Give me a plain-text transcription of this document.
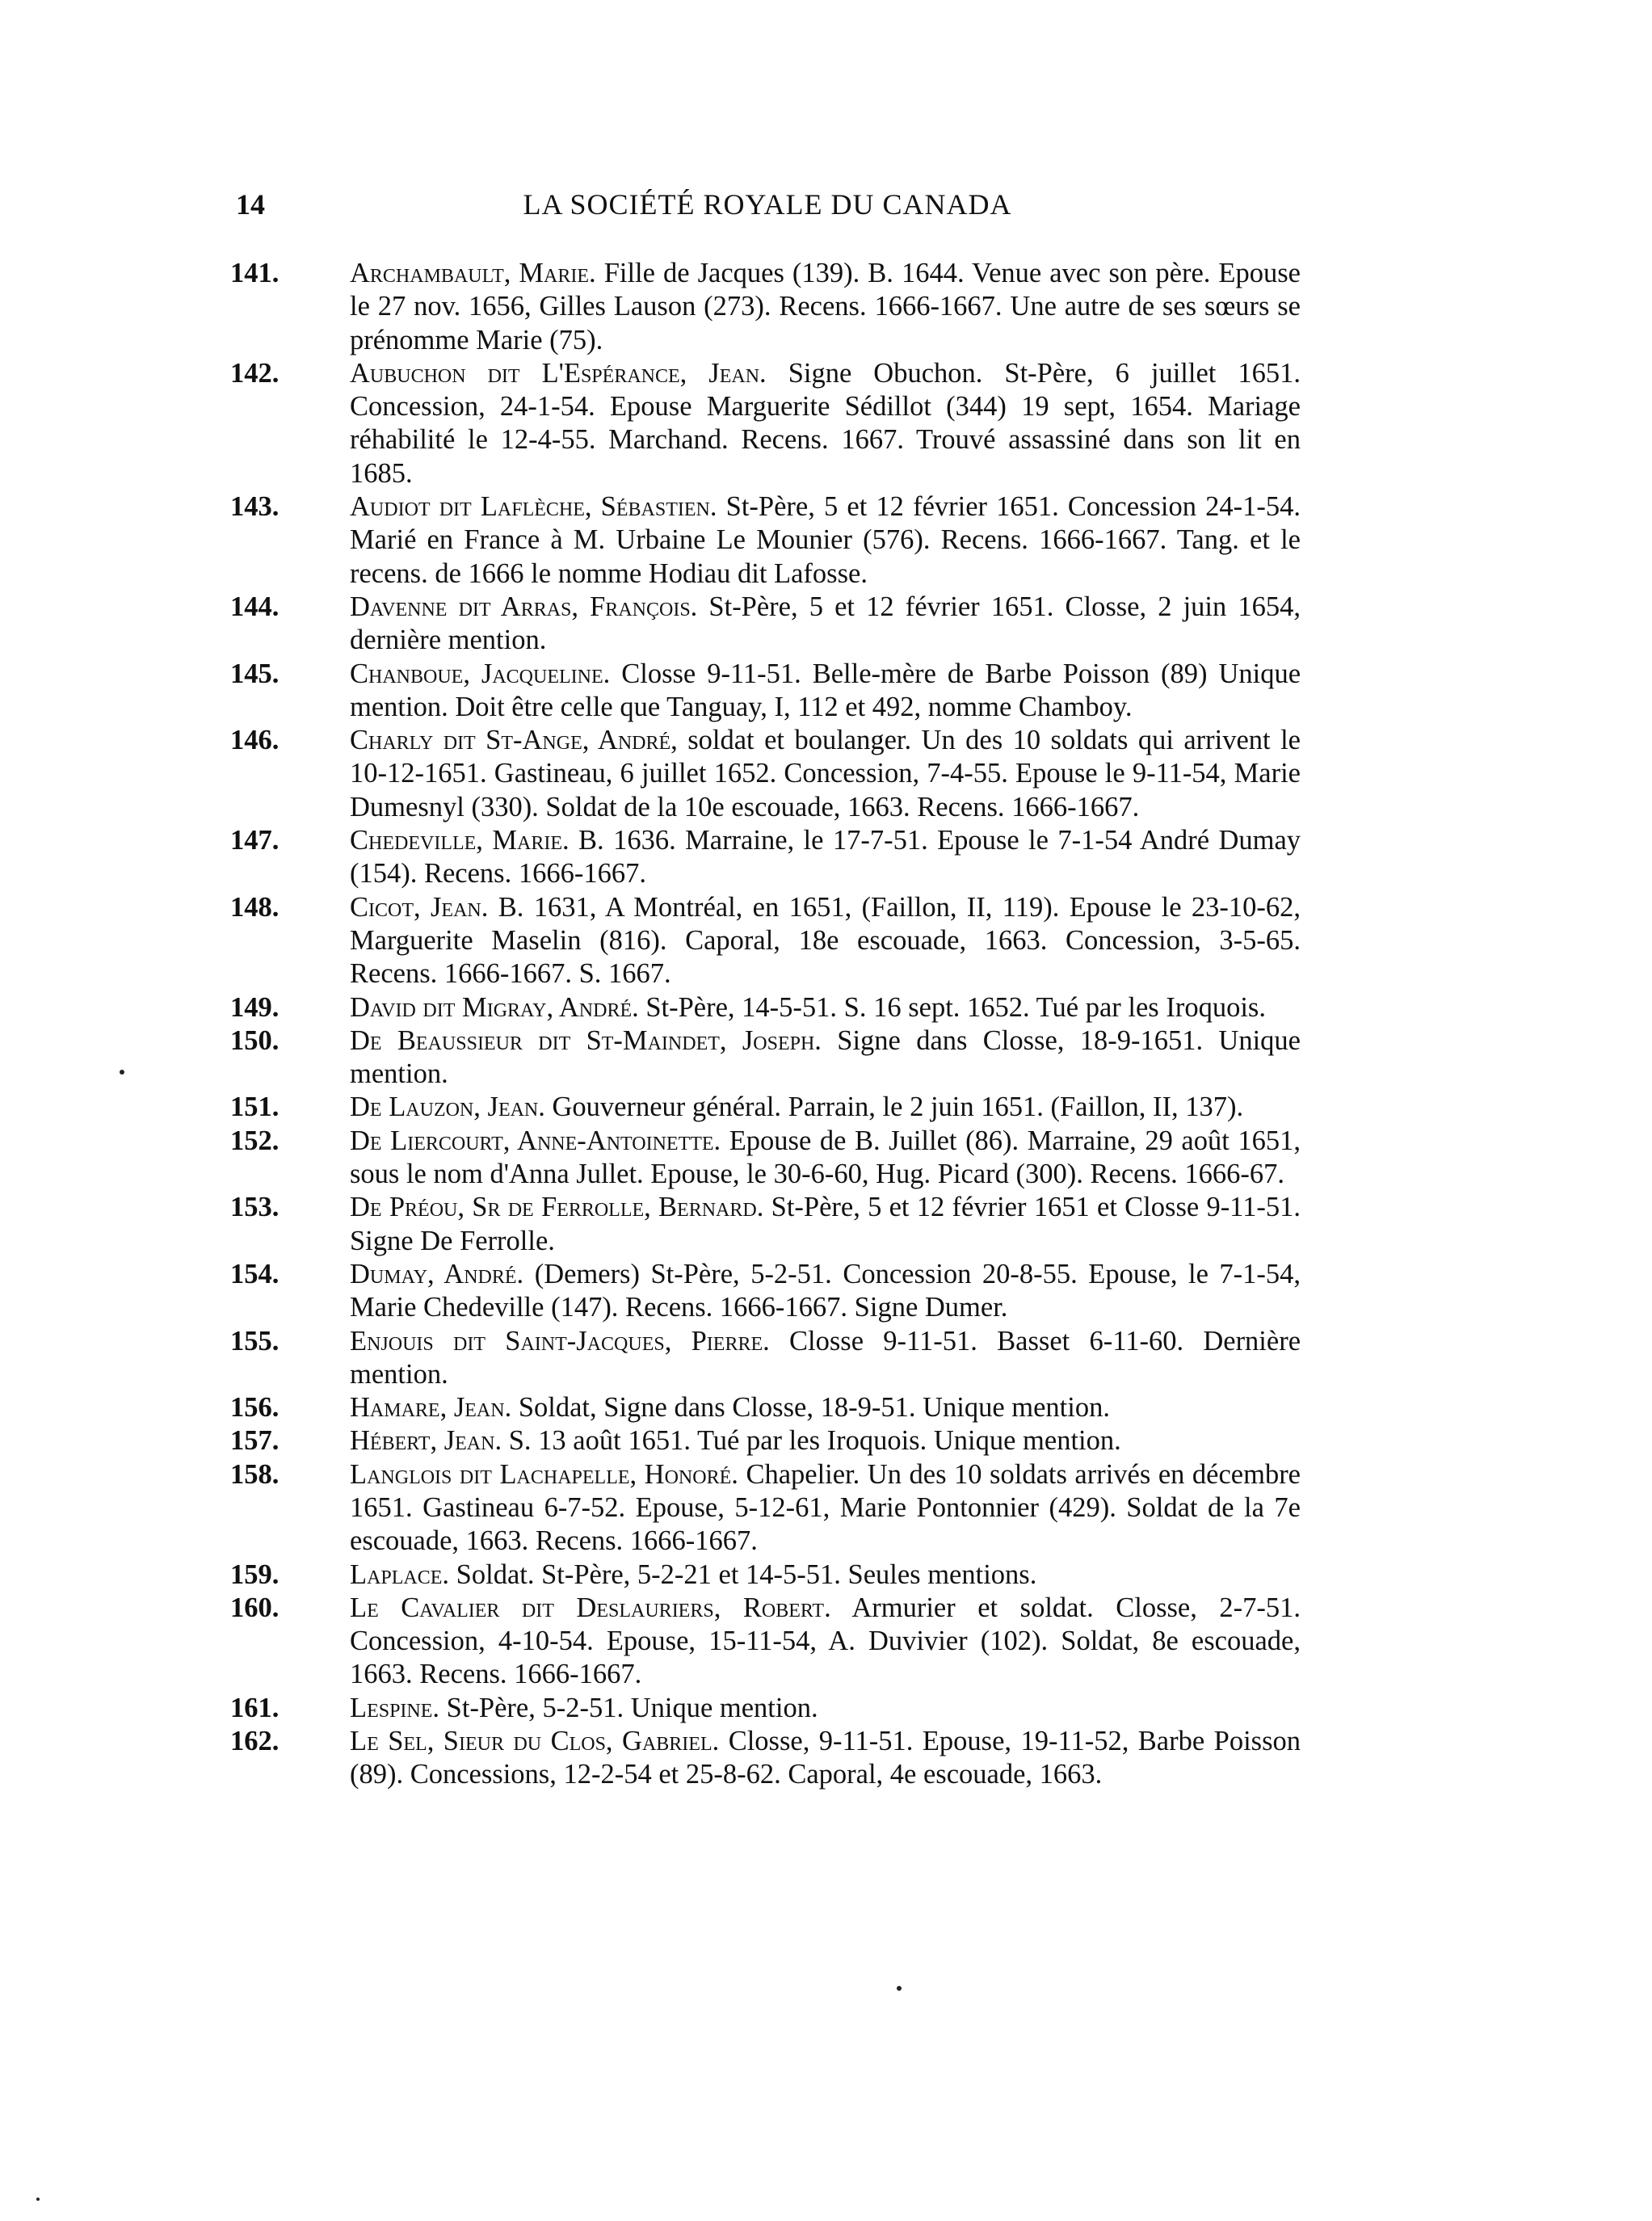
14	LA SOCIÉTÉ ROYALE DU CANADA
141.	Archambault, Marie. Fille de Jacques (139). B. 1644. Venue avec son père. Epouse le 27 nov. 1656, Gilles Lauson (273). Recens. 1666-1667. Une autre de ses sœurs se prénomme Marie (75).
142.	Aubuchon dit L'Espérance, Jean. Signe Obuchon. St-Père, 6 juillet 1651. Concession, 24-1-54. Epouse Marguerite Sédillot (344) 19 sept, 1654. Mariage réhabilité le 12-4-55. Marchand. Recens. 1667. Trouvé assassiné dans son lit en 1685.
143.	Audiot dit Laflèche, Sébastien. St-Père, 5 et 12 février 1651. Concession 24-1-54. Marié en France à M. Urbaine Le Mounier (576). Recens. 1666-1667. Tang. et le recens. de 1666 le nomme Hodiau dit Lafosse.
144.	Davenne dit Arras, François. St-Père, 5 et 12 février 1651. Closse, 2 juin 1654, dernière mention.
145.	Chanboue, Jacqueline. Closse 9-11-51. Belle-mère de Barbe Poisson (89) Unique mention. Doit être celle que Tanguay, I, 112 et 492, nomme Chamboy.
146.	Charly dit St-Ange, André, soldat et boulanger. Un des 10 soldats qui arrivent le 10-12-1651. Gastineau, 6 juillet 1652. Concession, 7-4-55. Epouse le 9-11-54, Marie Dumesnyl (330). Soldat de la 10e escouade, 1663. Recens. 1666-1667.
147.	Chedeville, Marie. B. 1636. Marraine, le 17-7-51. Epouse le 7-1-54 André Dumay (154). Recens. 1666-1667.
148.	Cicot, Jean. B. 1631, A Montréal, en 1651, (Faillon, II, 119). Epouse le 23-10-62, Marguerite Maselin (816). Caporal, 18e escouade, 1663. Concession, 3-5-65. Recens. 1666-1667. S. 1667.
149.	David dit Migray, André. St-Père, 14-5-51. S. 16 sept. 1652. Tué par les Iroquois.
150.	De Beaussieur dit St-Maindet, Joseph. Signe dans Closse, 18-9-1651. Unique mention.
151.	De Lauzon, Jean. Gouverneur général. Parrain, le 2 juin 1651. (Faillon, II, 137).
152.	De Liercourt, Anne-Antoinette. Epouse de B. Juillet (86). Marraine, 29 août 1651, sous le nom d'Anna Jullet. Epouse, le 30-6-60, Hug. Picard (300). Recens. 1666-67.
153.	De Préou, Sr de Ferrolle, Bernard. St-Père, 5 et 12 février 1651 et Closse 9-11-51. Signe De Ferrolle.
154.	Dumay, André. (Demers) St-Père, 5-2-51. Concession 20-8-55. Epouse, le 7-1-54, Marie Chedeville (147). Recens. 1666-1667. Signe Dumer.
155.	Enjouis dit Saint-Jacques, Pierre. Closse 9-11-51. Basset 6-11-60. Dernière mention.
156.	Hamare, Jean. Soldat, Signe dans Closse, 18-9-51. Unique mention.
157.	Hébert, Jean. S. 13 août 1651. Tué par les Iroquois. Unique mention.
158.	Langlois dit Lachapelle, Honoré. Chapelier. Un des 10 soldats arrivés en décembre 1651. Gastineau 6-7-52. Epouse, 5-12-61, Marie Pontonnier (429). Soldat de la 7e escouade, 1663. Recens. 1666-1667.
159.	Laplace. Soldat. St-Père, 5-2-21 et 14-5-51. Seules mentions.
160.	Le Cavalier dit Deslauriers, Robert. Armurier et soldat. Closse, 2-7-51. Concession, 4-10-54. Epouse, 15-11-54, A. Duvivier (102). Soldat, 8e escouade, 1663. Recens. 1666-1667.
161.	Lespine. St-Père, 5-2-51. Unique mention.
162.	Le Sel, Sieur du Clos, Gabriel. Closse, 9-11-51. Epouse, 19-11-52, Barbe Poisson (89). Concessions, 12-2-54 et 25-8-62. Caporal, 4e escouade, 1663.
